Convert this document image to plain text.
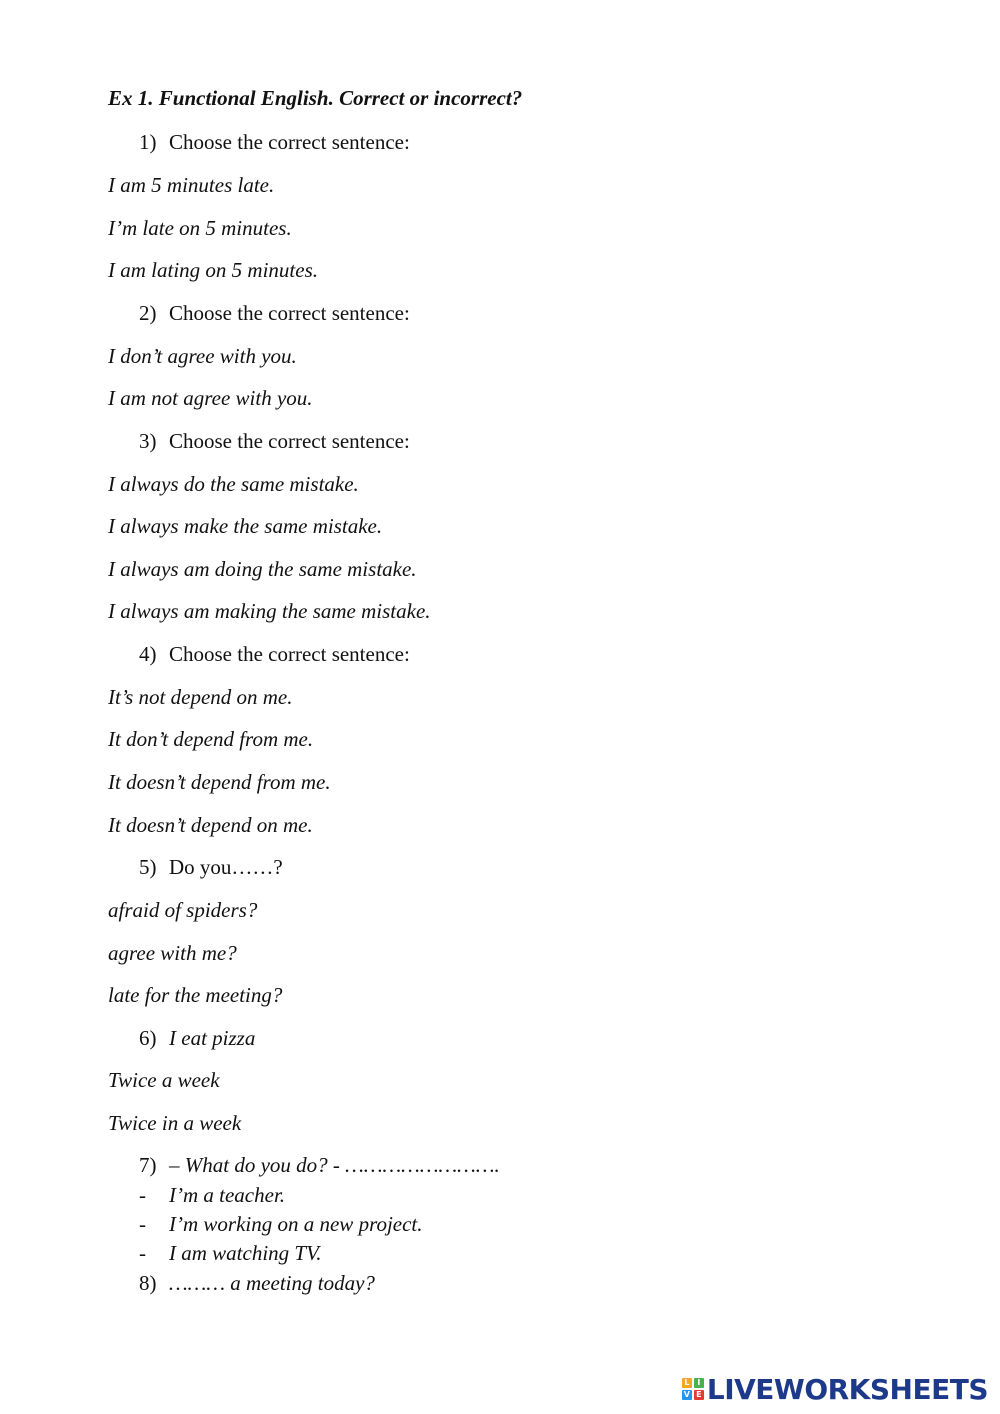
Ex 1. Functional English. Correct or incorrect?
1) Choose the correct sentence:
I am 5 minutes late.
I’m late on 5 minutes.
I am lating on 5 minutes.
2) Choose the correct sentence:
I don’t agree with you.
I am not agree with you.
3) Choose the correct sentence:
I always do the same mistake.
I always make the same mistake.
I always am doing the same mistake.
I always am making the same mistake.
4) Choose the correct sentence:
It’s not depend on me.
It don’t depend from me.
It doesn’t depend from me.
It doesn’t depend on me.
5) Do you……?
afraid of spiders?
agree with me?
late for the meeting?
6) I eat pizza
Twice a week
Twice in a week
7) – What do you do? - …………………….
- I’m a teacher.
- I’m working on a new project.
- I am watching TV.
8) ……… a meeting today?
L I
V E LIVEWORKSHEETS
